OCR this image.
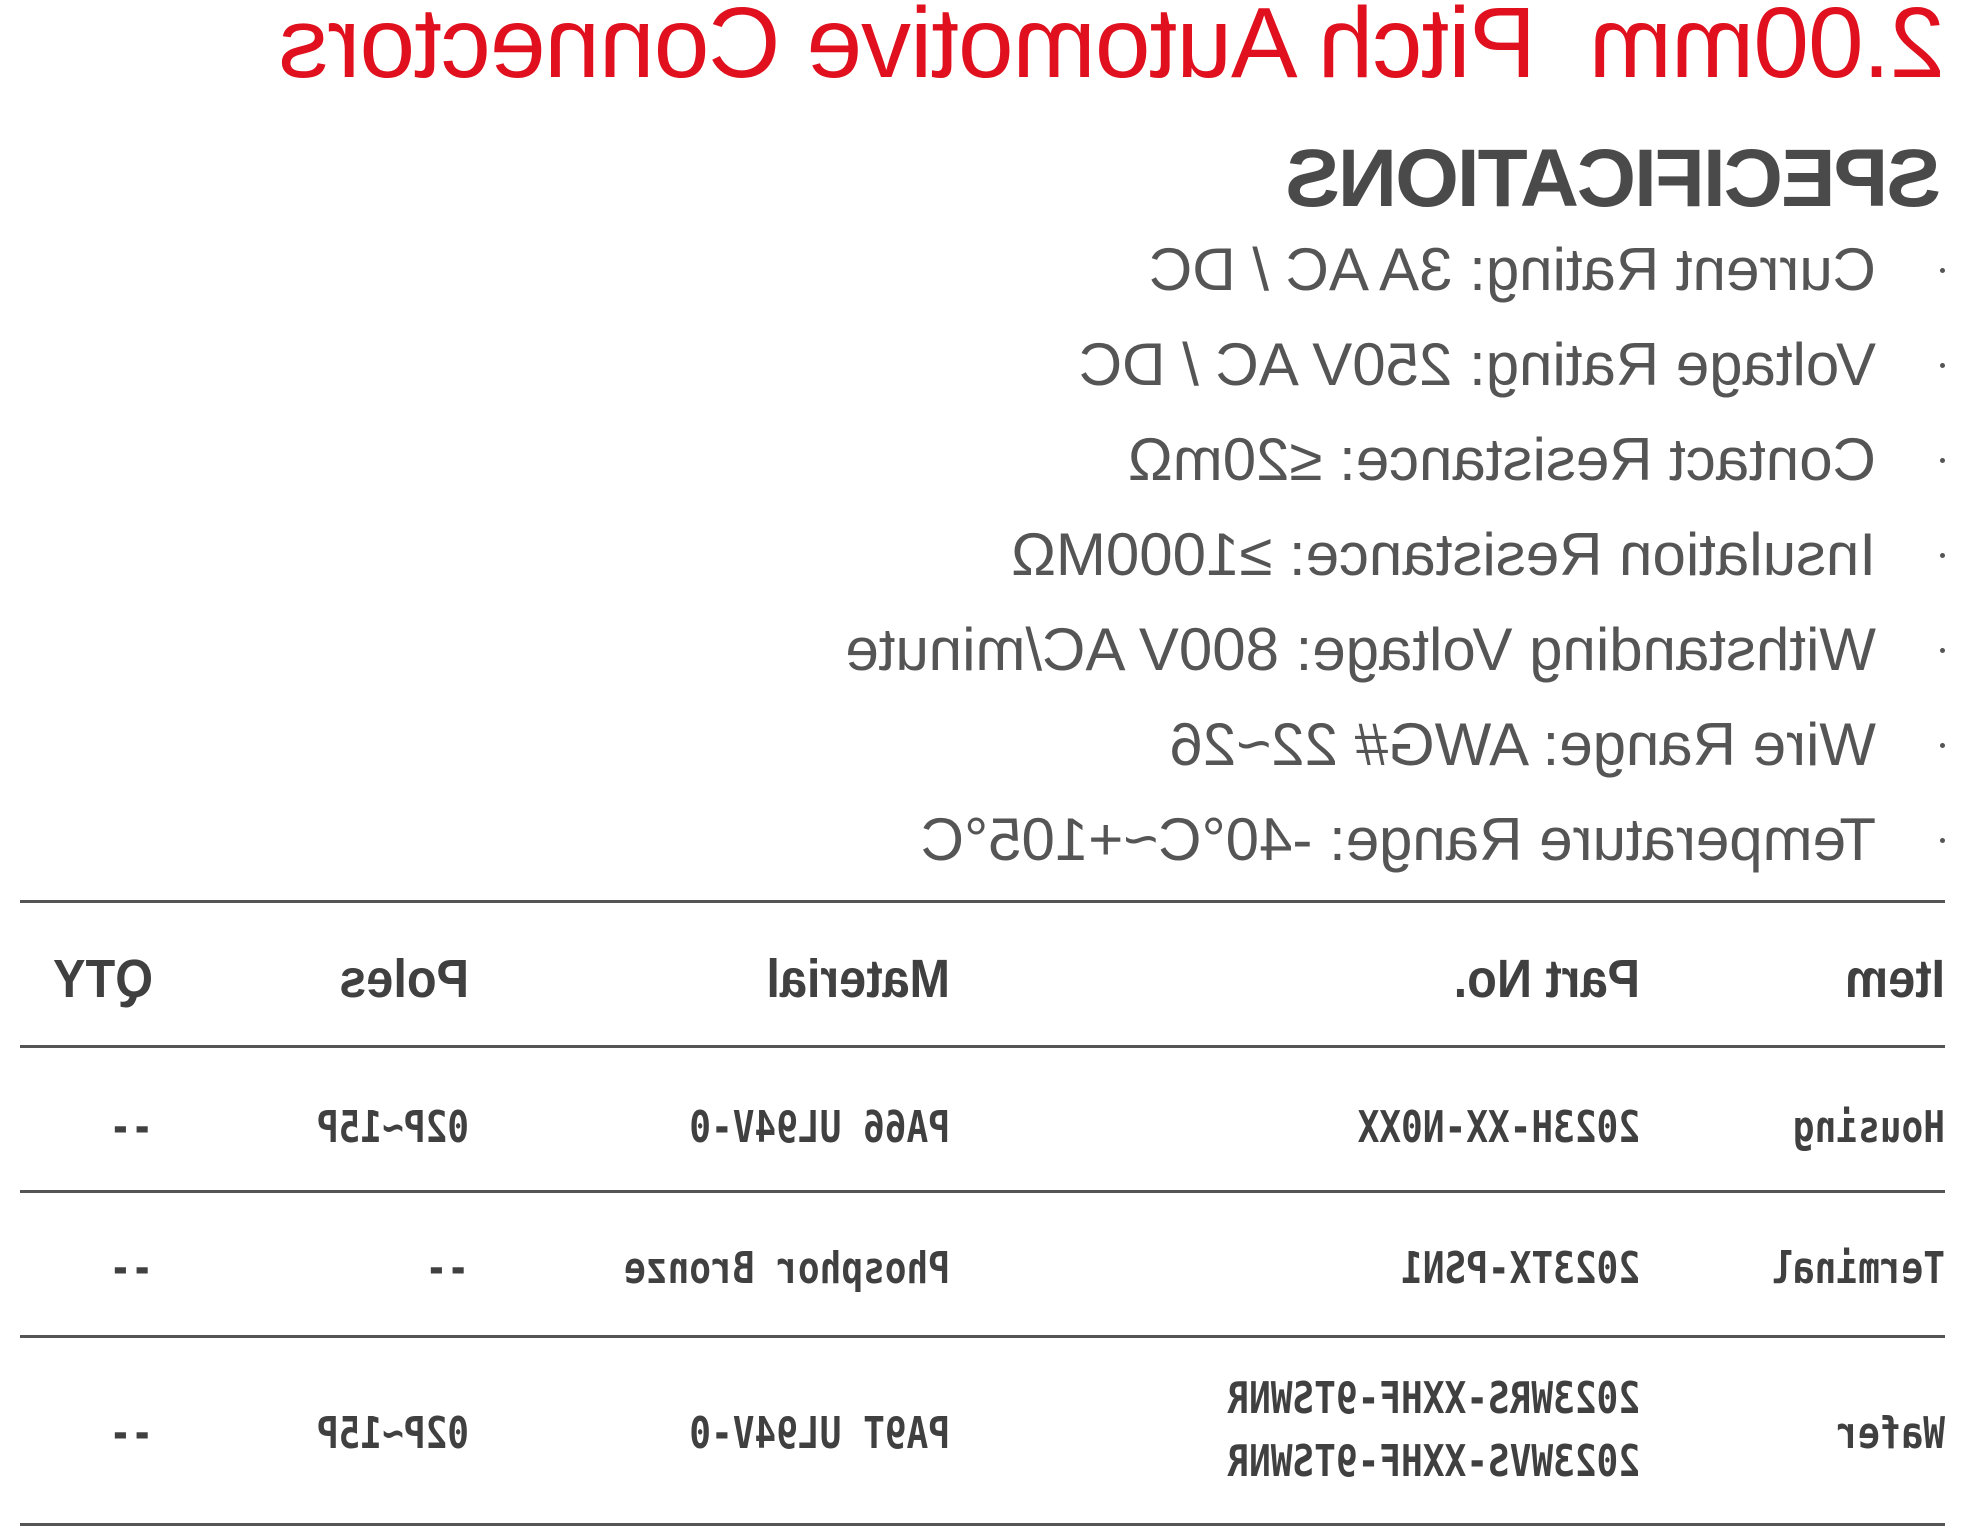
2.00mm  Pitch Automotive Connectors
SPECIFICATIONS
Current Rating: 3A AC / DC
Voltage Rating: 250V AC / DC
Contact Resistance: ≤20mΩ
Insulation Resistance: ≥1000MΩ
Withstanding Voltage: 800V AC/minute
Wire Range: AWG# 22~26
Temperature Range: -40°C~+105°C
Item
Part No.
Material
Poles
QTY
Housing
2023H-XX-N0XX
PA66 UL94V-0
02P~15P
--
Terminal
2023TX-PSN1
Phosphor Bronze
--
--
Wafer
2023WRS-XXHF-9TSWNR
2023WVS-XXHF-9TSWNR
PA9T UL94V-0
02P~15P
--
